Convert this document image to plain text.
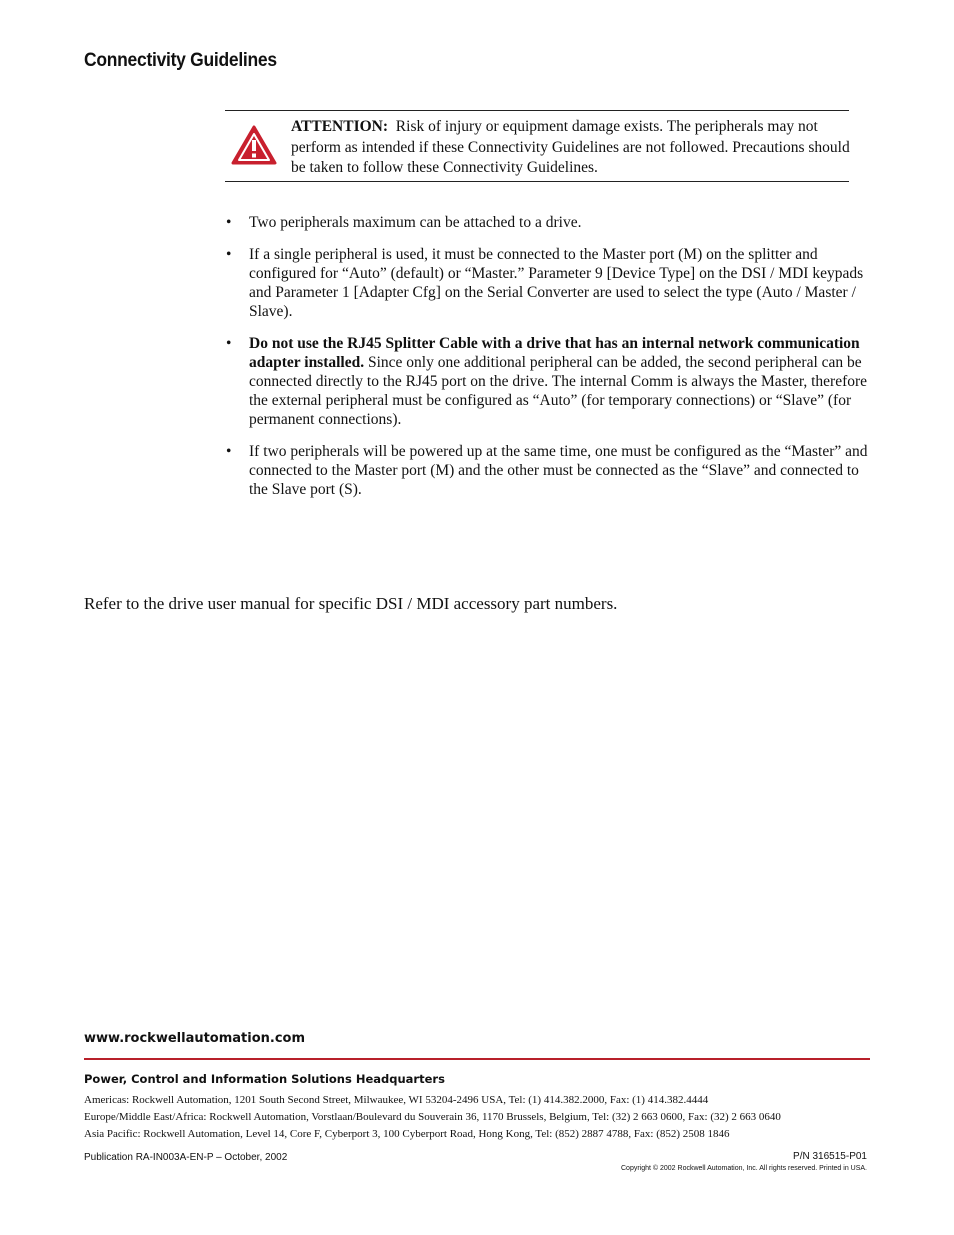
Connectivity Guidelines
ATTENTION: Risk of injury or equipment damage exists. The peripherals may not perform as intended if these Connectivity Guidelines are not followed. Precautions should be taken to follow these Connectivity Guidelines.
• Two peripherals maximum can be attached to a drive.
• If a single peripheral is used, it must be connected to the Master port (M) on the splitter and configured for “Auto” (default) or “Master.” Parameter 9 [Device Type] on the DSI / MDI keypads and Parameter 1 [Adapter Cfg] on the Serial Converter are used to select the type (Auto / Master / Slave).
• Do not use the RJ45 Splitter Cable with a drive that has an internal network communication adapter installed. Since only one additional peripheral can be added, the second peripheral can be connected directly to the RJ45 port on the drive. The internal Comm is always the Master, therefore the external peripheral must be configured as “Auto” (for temporary connections) or “Slave” (for permanent connections).
• If two peripherals will be powered up at the same time, one must be configured as the “Master” and connected to the Master port (M) and the other must be connected as the “Slave” and connected to the Slave port (S).
Refer to the drive user manual for specific DSI / MDI accessory part numbers.
www.rockwellautomation.com
Power, Control and Information Solutions Headquarters
Americas: Rockwell Automation, 1201 South Second Street, Milwaukee, WI 53204-2496 USA, Tel: (1) 414.382.2000, Fax: (1) 414.382.4444
Europe/Middle East/Africa: Rockwell Automation, Vorstlaan/Boulevard du Souverain 36, 1170 Brussels, Belgium, Tel: (32) 2 663 0600, Fax: (32) 2 663 0640
Asia Pacific: Rockwell Automation, Level 14, Core F, Cyberport 3, 100 Cyberport Road, Hong Kong, Tel: (852) 2887 4788, Fax: (852) 2508 1846
Publication RA-IN003A-EN-P – October, 2002	P/N 316515-P01
Copyright © 2002 Rockwell Automation, Inc. All rights reserved. Printed in USA.
